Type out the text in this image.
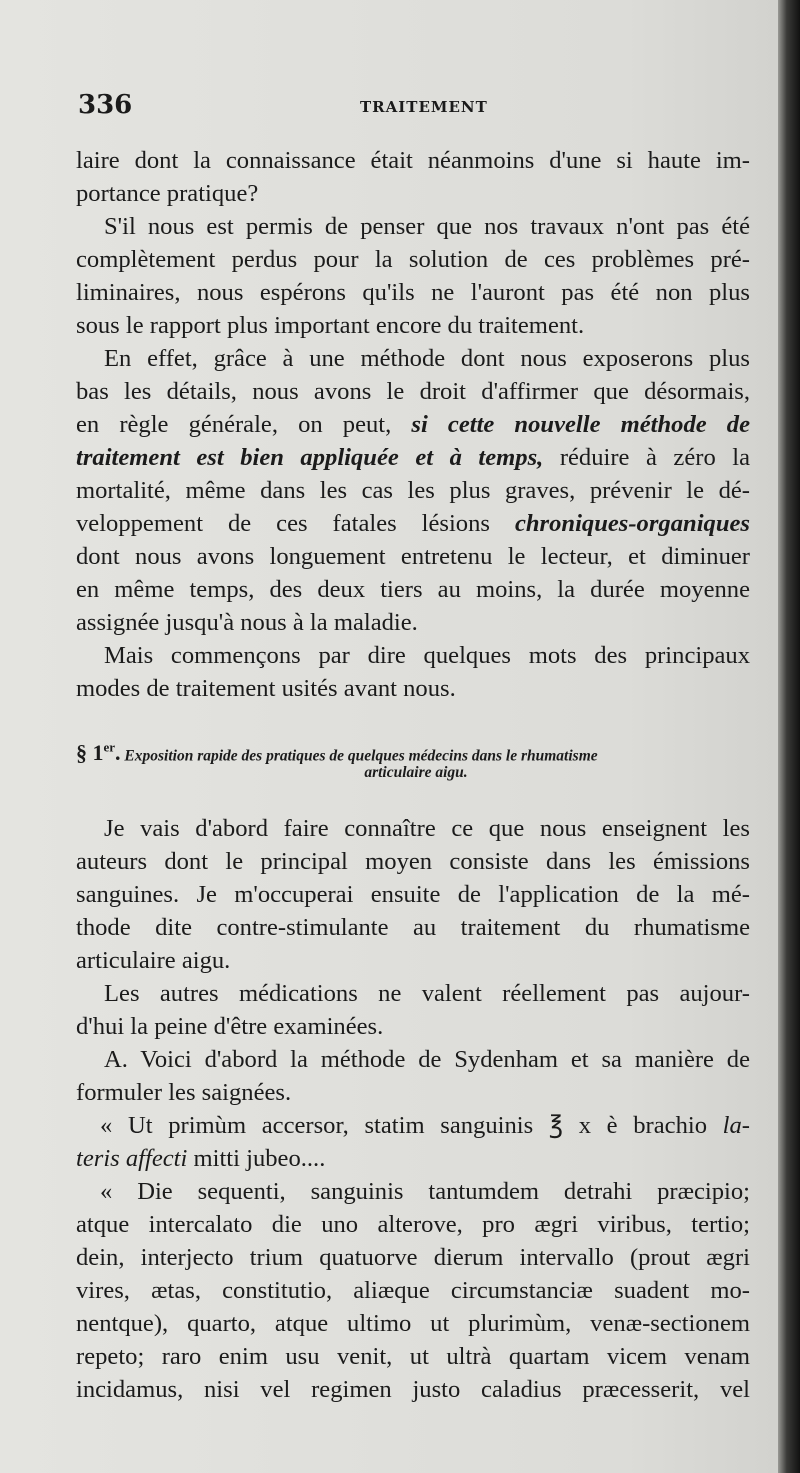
336	TRAITEMENT
laire dont la connaissance était néanmoins d'une si haute im-
portance pratique?
S'il nous est permis de penser que nos travaux n'ont pas été
complètement perdus pour la solution de ces problèmes pré-
liminaires, nous espérons qu'ils ne l'auront pas été non plus
sous le rapport plus important encore du traitement.
En effet, grâce à une méthode dont nous exposerons plus
bas les détails, nous avons le droit d'affirmer que désormais,
en règle générale, on peut, si cette nouvelle méthode de
traitement est bien appliquée et à temps, réduire à zéro la
mortalité, même dans les cas les plus graves, prévenir le dé-
veloppement de ces fatales lésions chroniques-organiques
dont nous avons longuement entretenu le lecteur, et diminuer
en même temps, des deux tiers au moins, la durée moyenne
assignée jusqu'à nous à la maladie.
Mais commençons par dire quelques mots des principaux
modes de traitement usités avant nous.
§ 1er. Exposition rapide des pratiques de quelques médecins dans le rhumatisme
articulaire aigu.
Je vais d'abord faire connaître ce que nous enseignent les
auteurs dont le principal moyen consiste dans les émissions
sanguines. Je m'occuperai ensuite de l'application de la mé-
thode dite contre-stimulante au traitement du rhumatisme
articulaire aigu.
Les autres médications ne valent réellement pas aujour-
d'hui la peine d'être examinées.
A. Voici d'abord la méthode de Sydenham et sa manière de
formuler les saignées.
« Ut primùm accersor, statim sanguinis ℥ x è brachio la-
teris affecti mitti jubeo....
« Die sequenti, sanguinis tantumdem detrahi præcipio;
atque intercalato die uno alterove, pro ægri viribus, tertio;
dein, interjecto trium quatuorve dierum intervallo (prout ægri
vires, ætas, constitutio, aliæque circumstanciæ suadent mo-
nentque), quarto, atque ultimo ut plurimùm, venæ-sectionem
repeto; raro enim usu venit, ut ultrà quartam vicem venam
incidamus, nisi vel regimen justo caladius præcesserit, vel
